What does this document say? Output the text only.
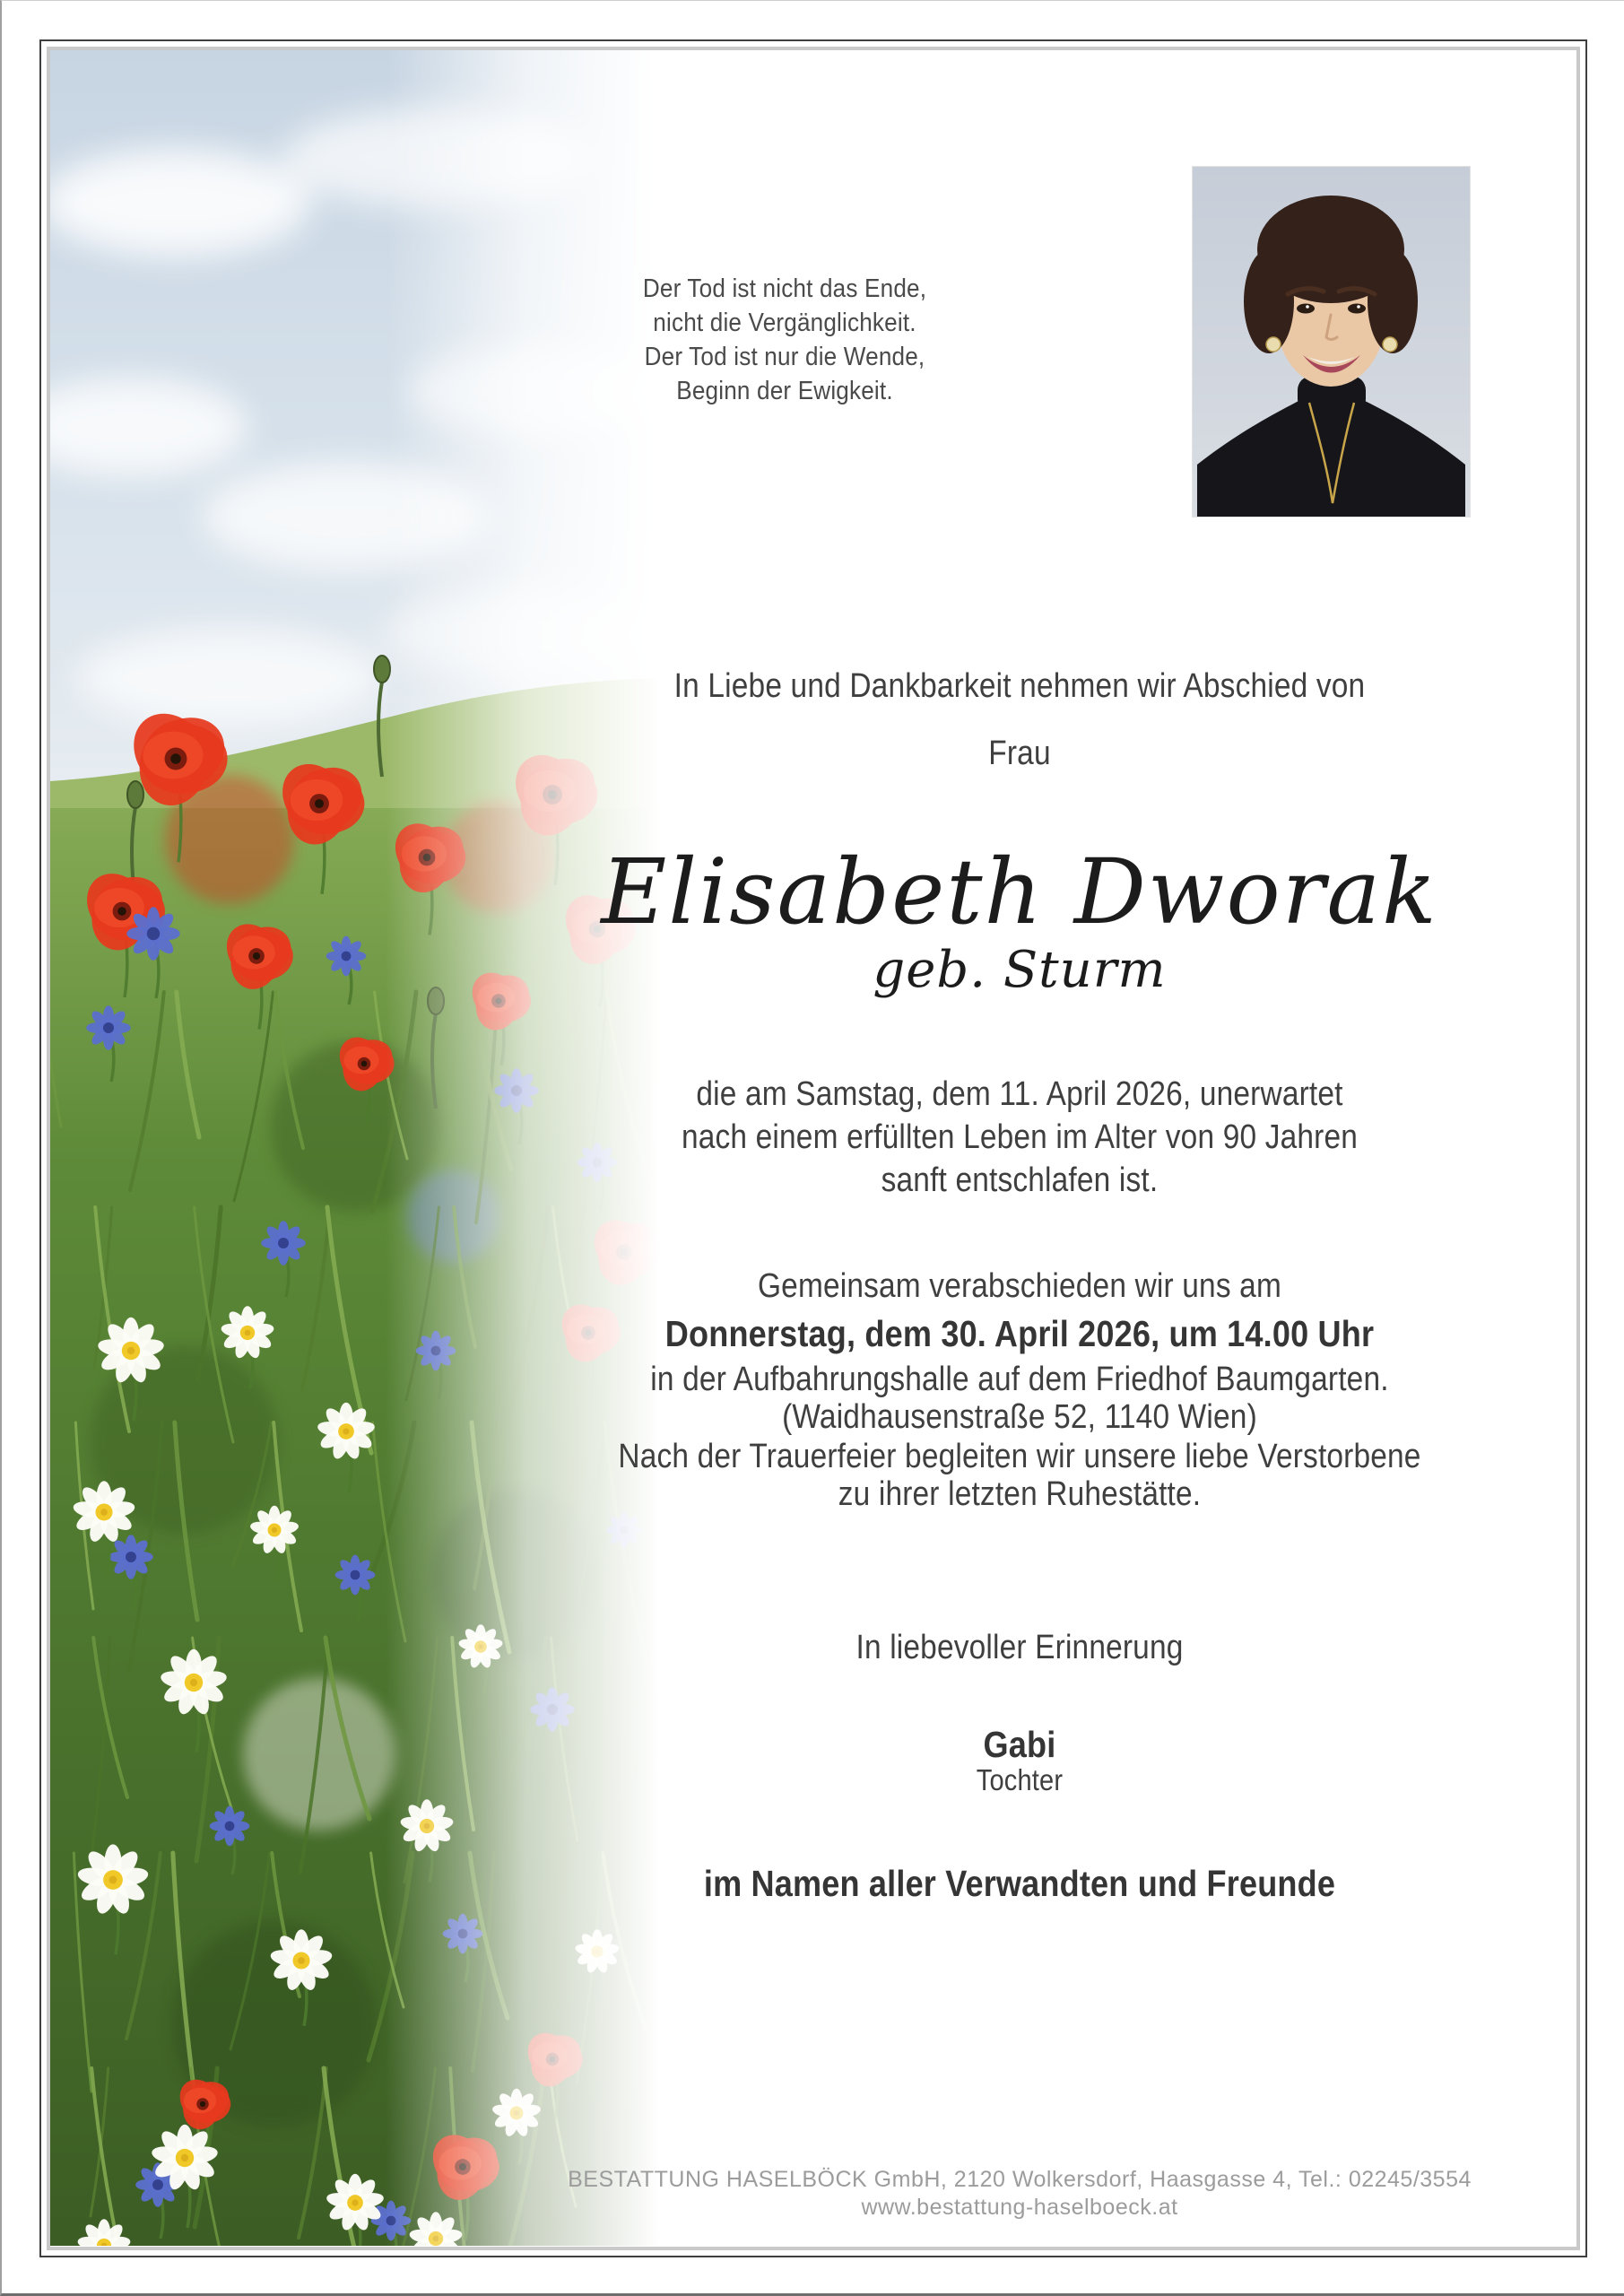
Der Tod ist nicht das Ende,
nicht die Vergänglichkeit.
Der Tod ist nur die Wende,
Beginn der Ewigkeit.
In Liebe und Dankbarkeit nehmen wir Abschied von
Frau
Elisabeth Dworak
geb. Sturm
die am Samstag, dem 11. April 2026, unerwartet
nach einem erfüllten Leben im Alter von 90 Jahren
sanft entschlafen ist.
Gemeinsam verabschieden wir uns am
Donnerstag, dem 30. April 2026, um 14.00 Uhr
in der Aufbahrungshalle auf dem Friedhof Baumgarten.
(Waidhausenstraße 52, 1140 Wien)
Nach der Trauerfeier begleiten wir unsere liebe Verstorbene
zu ihrer letzten Ruhestätte.
In liebevoller Erinnerung
Gabi
Tochter
im Namen aller Verwandten und Freunde
BESTATTUNG HASELBÖCK GmbH, 2120 Wolkersdorf, Haasgasse 4, Tel.: 02245/3554
www.bestattung-haselboeck.at
